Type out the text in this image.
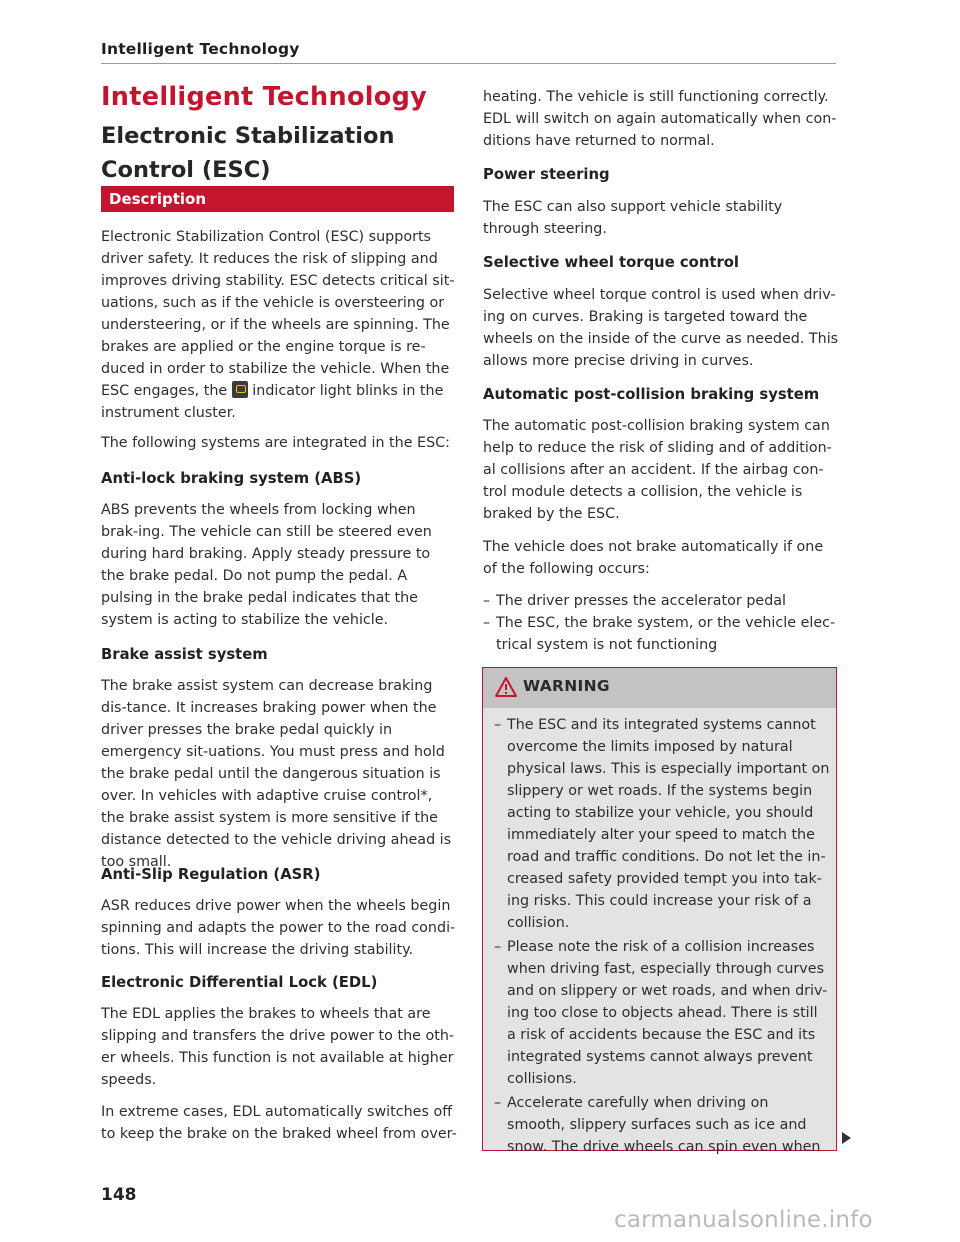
Intelligent Technology
Intelligent Technology
Electronic Stabilization Control (ESC)
Description

Electronic Stabilization Control (ESC) supports driver safety. It reduces the risk of slipping and improves driving stability. ESC detects critical sit-uations, such as if the vehicle is oversteering or understeering, or if the wheels are spinning. The brakes are applied or the engine torque is re-duced in order to stabilize the vehicle. When the ESC engages, the indicator light blinks in the instrument cluster.

The following systems are integrated in the ESC:

Anti-lock braking system (ABS)

ABS prevents the wheels from locking when brak-ing. The vehicle can still be steered even during hard braking. Apply steady pressure to the brake pedal. Do not pump the pedal. A pulsing in the brake pedal indicates that the system is acting to stabilize the vehicle.

Brake assist system

The brake assist system can decrease braking dis-tance. It increases braking power when the driver presses the brake pedal quickly in emergency sit-uations. You must press and hold the brake pedal until the dangerous situation is over. In vehicles with adaptive cruise control*, the brake assist system is more sensitive if the distance detected to the vehicle driving ahead is too small.

Anti-Slip Regulation (ASR)

ASR reduces drive power when the wheels begin spinning and adapts the power to the road condi-tions. This will increase the driving stability.

Electronic Differential Lock (EDL)

The EDL applies the brakes to wheels that are slipping and transfers the drive power to the oth-er wheels. This function is not available at higher speeds.

In extreme cases, EDL automatically switches off to keep the brake on the braked wheel from over-

heating. The vehicle is still functioning correctly. EDL will switch on again automatically when con-ditions have returned to normal.

Power steering

The ESC can also support vehicle stability through steering.

Selective wheel torque control

Selective wheel torque control is used when driv-ing on curves. Braking is targeted toward the wheels on the inside of the curve as needed. This allows more precise driving in curves.

Automatic post-collision braking system

The automatic post-collision braking system can help to reduce the risk of sliding and of addition-al collisions after an accident. If the airbag con-trol module detects a collision, the vehicle is braked by the ESC.

The vehicle does not brake automatically if one of the following occurs:

– The driver presses the accelerator pedal
– The ESC, the brake system, or the vehicle elec-trical system is not functioning
WARNING
– The ESC and its integrated systems cannot overcome the limits imposed by natural physical laws. This is especially important on slippery or wet roads. If the systems begin acting to stabilize your vehicle, you should immediately alter your speed to match the road and traffic conditions. Do not let the in-creased safety provided tempt you into tak-ing risks. This could increase your risk of a collision.
– Please note the risk of a collision increases when driving fast, especially through curves and on slippery or wet roads, and when driv-ing too close to objects ahead. There is still a risk of accidents because the ESC and its integrated systems cannot always prevent collisions.
– Accelerate carefully when driving on smooth, slippery surfaces such as ice and snow. The drive wheels can spin even when
148
carmanualsonline.info
